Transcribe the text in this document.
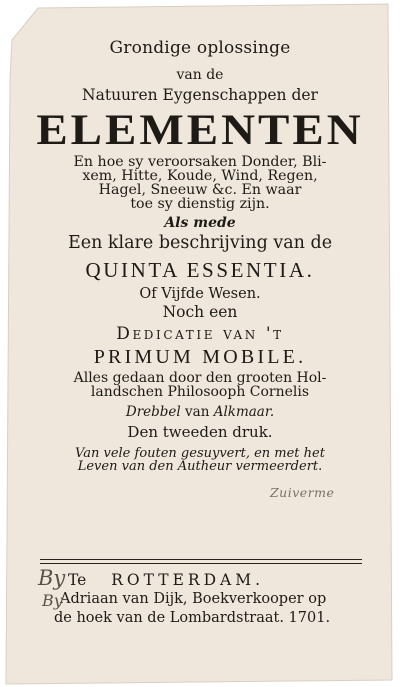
Grondige oplossinge
van de
Natuuren Eygenschappen der
ELEMENTEN
En hoe sy veroorsaken Donder, Bli-
xem, Hitte, Koude, Wind, Regen,
Hagel, Sneeuw &c. En waar
toe sy dienstig zijn.
Als mede
Een klare beschrijving van de
QUINTA ESSENTIA.
Of Vijfde Wesen.
Noch een
Dedicatie van 't
PRIMUM MOBILE.
Alles gedaan door den grooten Hol-
landschen Philosooph Cornelis
Drebbel van Alkmaar.
Den tweeden druk.
Van vele fouten gesuyvert, en met het
Leven van den Autheur vermeerdert.
Te ROTTERDAM.
Adriaan van Dijk, Boekverkooper op
de hoek van de Lombardstraat. 1701.
By
By
Zuiverme
